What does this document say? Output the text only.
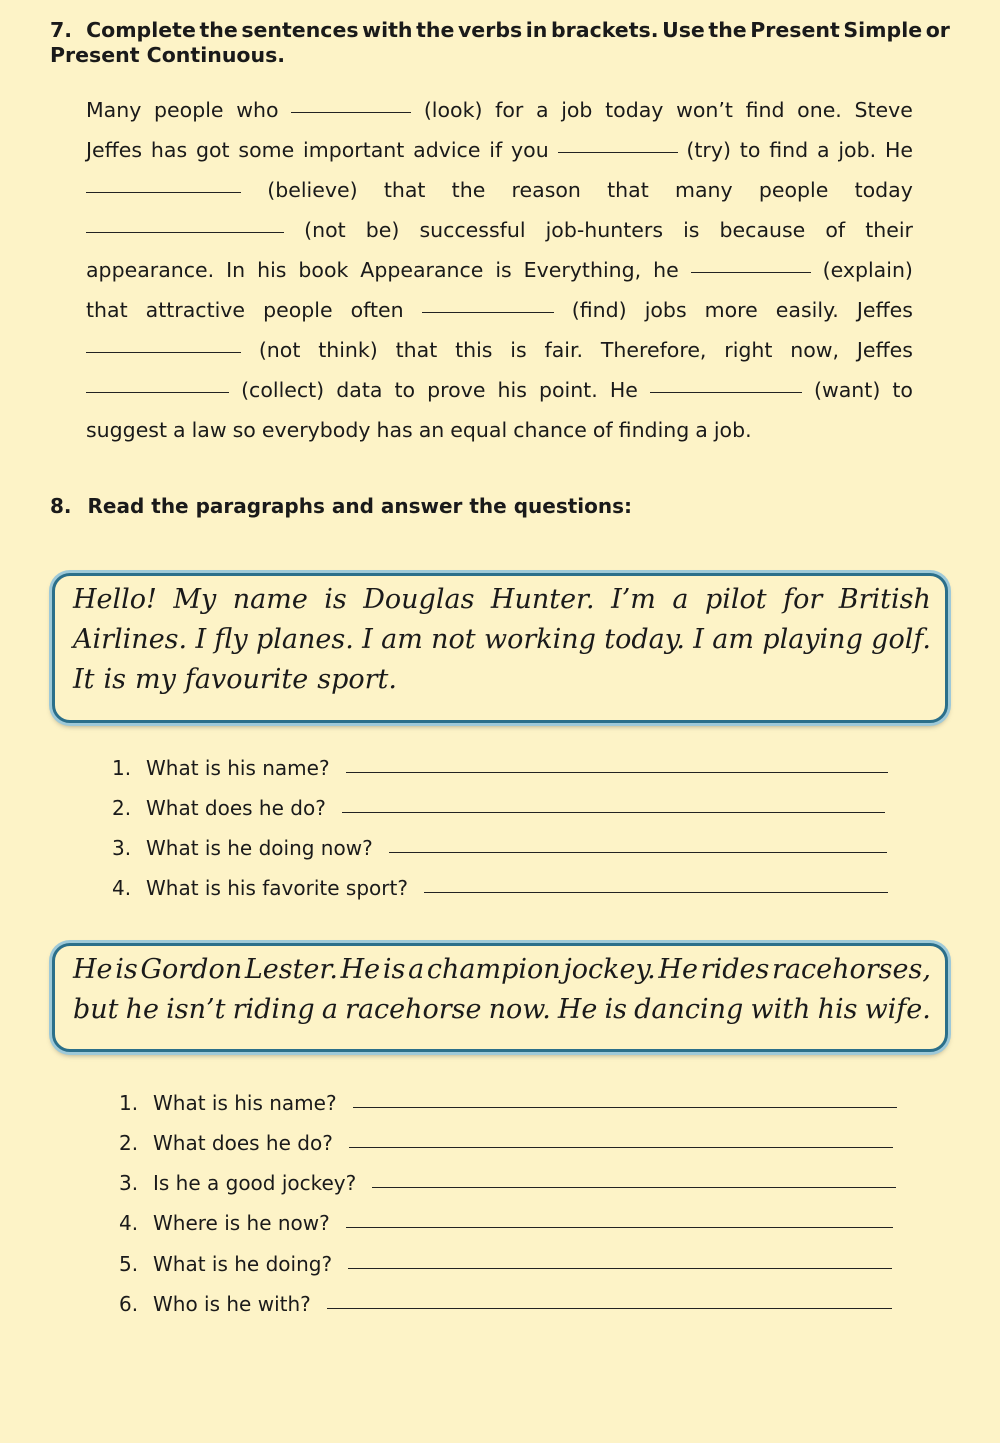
7. Complete the sentences with the verbs in brackets. Use the Present Simple or
Present Continuous.
Many people who	(look) for a job today won’t find one. Steve
Jeffes has got some important advice if you	(try) to find a job. He
(believe) that the reason that many people today
(not be) successful job-hunters is because of their
appearance. In his book Appearance is Everything, he	(explain)
that attractive people often	(find) jobs more easily. Jeffes
(not think) that this is fair. Therefore, right now, Jeffes
(collect) data to prove his point. He	(want) to
suggest a law so everybody has an equal chance of finding a job.
8. Read the paragraphs and answer the questions:
Hello! My name is Douglas Hunter. I’m a pilot for British
Airlines. I fly planes. I am not working today. I am playing golf.
It is my favourite sport.
1. What is his name?
2. What does he do?
3. What is he doing now?
4. What is his favorite sport?
He is Gordon Lester. He is a champion jockey. He rides racehorses,
but he isn’t riding a racehorse now. He is dancing with his wife.
1. What is his name?
2. What does he do?
3. Is he a good jockey?
4. Where is he now?
5. What is he doing?
6. Who is he with?
